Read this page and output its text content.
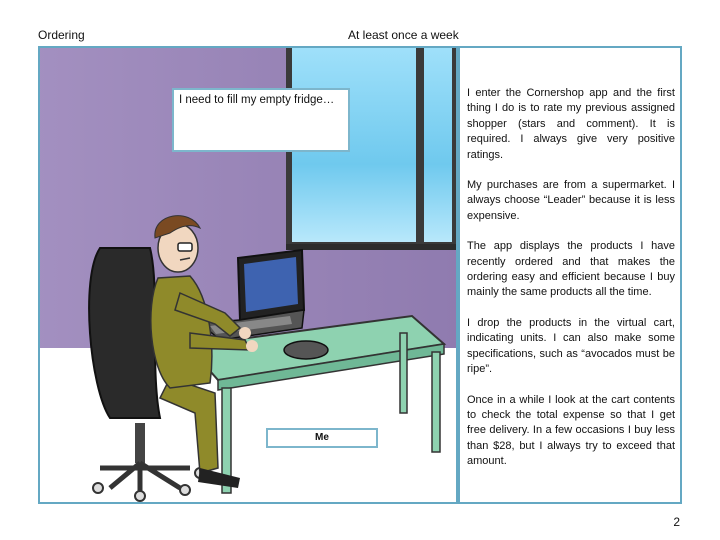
Ordering	At least once a week
I need to fill my empty fridge…
Me

I enter the Cornershop app and the first thing I do is to rate my previous assigned shopper (stars and comment). It is required. I always give very positive ratings.

My purchases are from a supermarket. I always choose “Leader” because it is less expensive.

The app displays the products I have recently ordered and that makes the ordering easy and efficient because I buy mainly the same products all the time.

I drop the products in the virtual cart, indicating units. I can also make some specifications, such as “avocados must be ripe”.

Once in a while I look at the cart contents to check the total expense so that I get free delivery. In a few occasions I buy less than $28, but I always try to exceed that amount.

2
